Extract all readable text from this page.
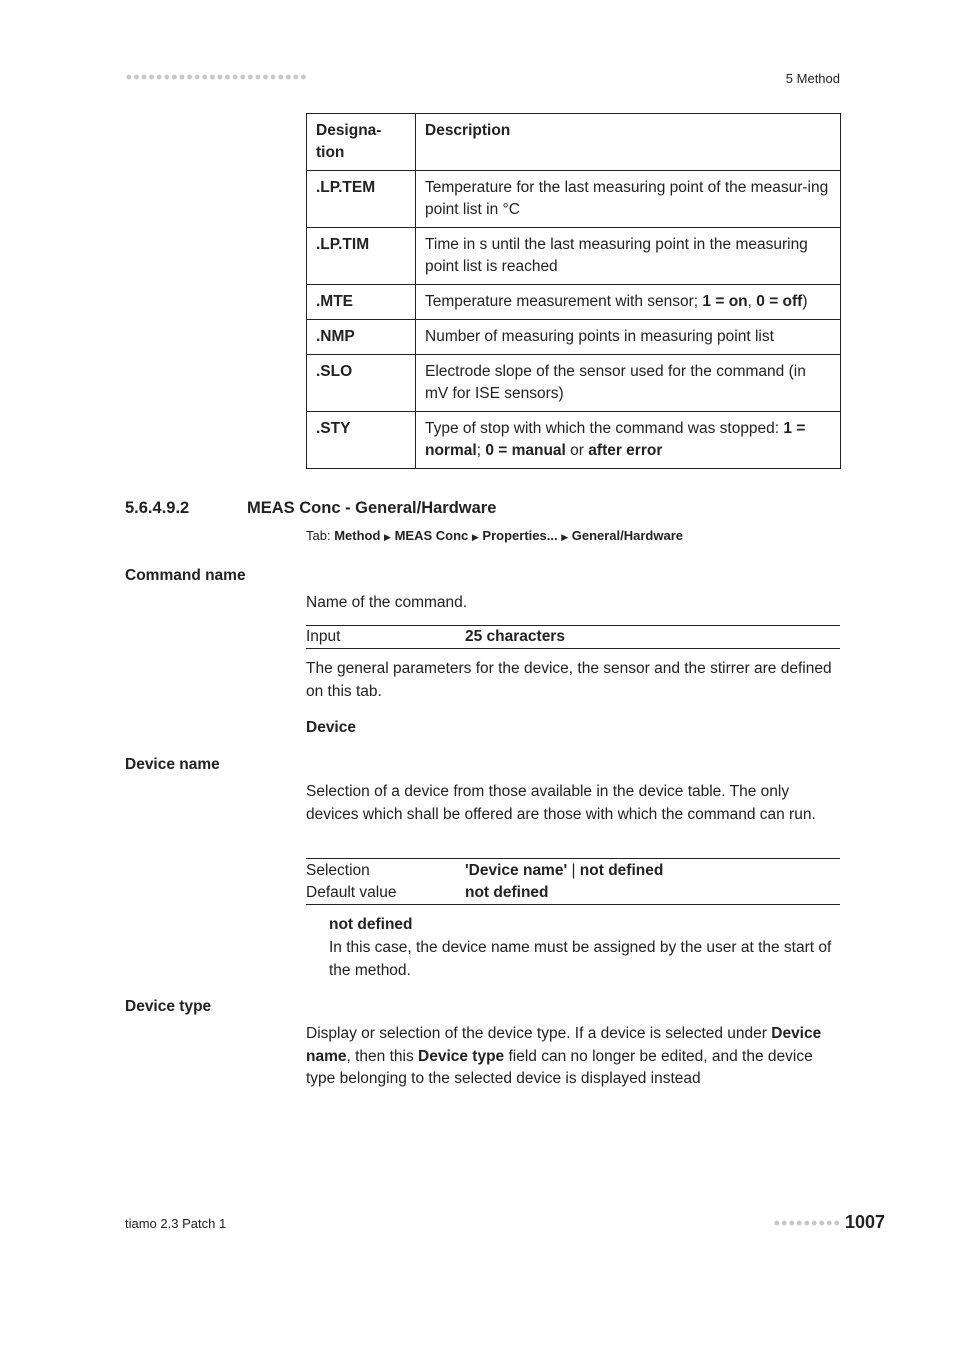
5 Method
Designa-
tion	Description
.LP.TEM	Temperature for the last measuring point of the measur-ing point list in °C
.LP.TIM	Time in s until the last measuring point in the measuring point list is reached
.MTE	Temperature measurement with sensor; 1 = on, 0 = off)
.NMP	Number of measuring points in measuring point list
.SLO	Electrode slope of the sensor used for the command (in mV for ISE sensors)
.STY	Type of stop with which the command was stopped: 1 = normal; 0 = manual or after error
5.6.4.9.2	MEAS Conc - General/Hardware
Tab: Method ▶ MEAS Conc ▶ Properties... ▶ General/Hardware
Command name
Name of the command.
Input	25 characters
The general parameters for the device, the sensor and the stirrer are defined on this tab.
Device
Device name
Selection of a device from those available in the device table. The only devices which shall be offered are those with which the command can run.
Selection	'Device name' | not defined
Default value	not defined
not defined
In this case, the device name must be assigned by the user at the start of the method.
Device type
Display or selection of the device type. If a device is selected under Device name, then this Device type field can no longer be edited, and the device type belonging to the selected device is displayed instead
tiamo 2.3 Patch 1	1007
